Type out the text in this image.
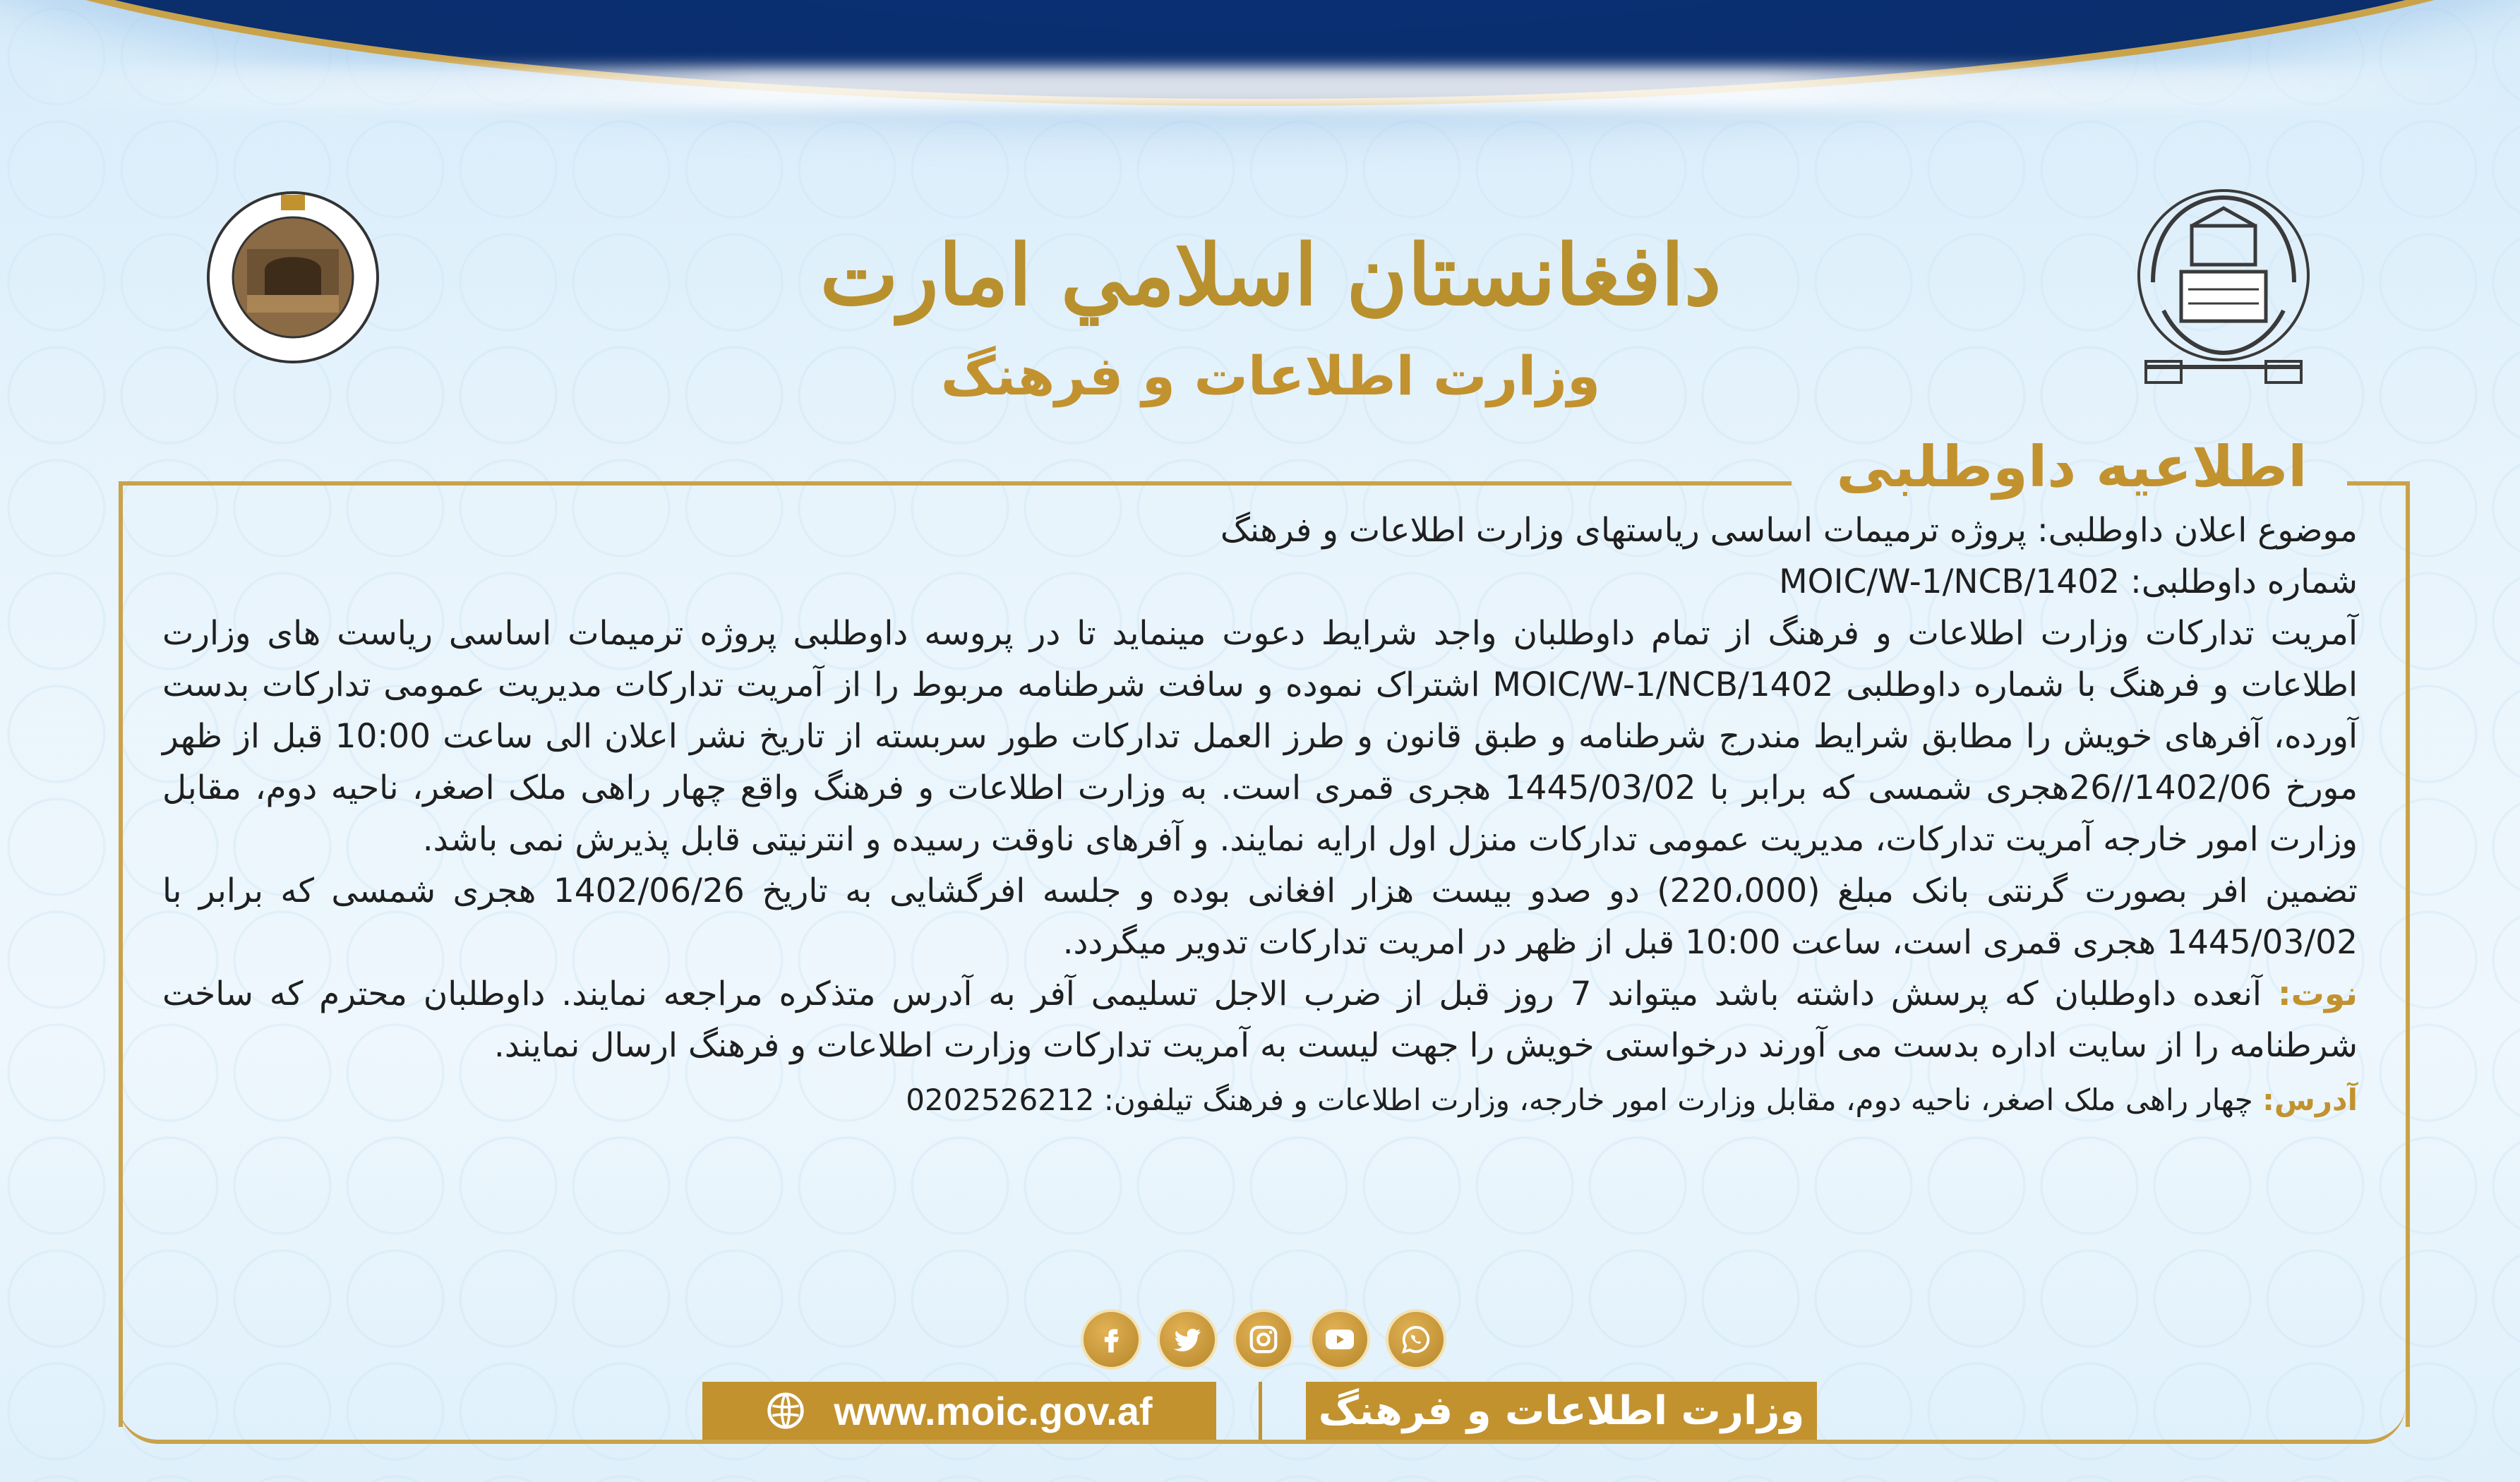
دافغانستان اسلامي امارت
وزارت اطلاعات و فرهنگ
اطلاعیه داوطلبی

موضوع اعلان داوطلبی: پروژه ترمیمات اساسی ریاستهای وزارت اطلاعات و فرهنگ

شماره داوطلبی: MOIC/W-1/NCB/1402

آمریت تدارکات وزارت اطلاعات و فرهنگ از تمام داوطلبان واجد شرایط دعوت مینماید تا در پروسه داوطلبی پروژه ترمیمات اساسی ریاست های وزارت اطلاعات و فرهنگ با شماره داوطلبی MOIC/W-1/NCB/1402 اشتراک نموده و سافت شرطنامه مربوط را از آمریت تدارکات مدیریت عمومی تدارکات بدست آورده، آفرهای خویش را مطابق شرایط مندرج شرطنامه و طبق قانون و طرز العمل تدارکات طور سربسته از تاریخ نشر اعلان الی ساعت 10:00 قبل از ظهر مورخ 1402/06//26هجری شمسی که برابر با 1445/03/02 هجری قمری است. به وزارت اطلاعات و فرهنگ واقع چهار راهی ملک اصغر، ناحیه دوم، مقابل وزارت امور خارجه آمریت تدارکات، مدیریت عمومی تدارکات منزل اول ارایه نمایند. و آفرهای ناوقت رسیده و انترنیتی قابل پذیرش نمی باشد.

تضمین افر بصورت گرنتی بانک مبلغ (220،000) دو صدو بیست هزار افغانی بوده و جلسه افرگشایی به تاریخ 1402/06/26 هجری شمسی که برابر با 1445/03/02 هجری قمری است، ساعت 10:00 قبل از ظهر در امریت تدارکات تدویر میگردد.

نوت: آنعده داوطلبان که پرسش داشته باشد میتواند 7 روز قبل از ضرب الاجل تسلیمی آفر به آدرس متذکره مراجعه نمایند. داوطلبان محترم که ساخت شرطنامه را از سایت اداره بدست می آورند درخواستی خویش را جهت لیست به آمریت تدارکات وزارت اطلاعات و فرهنگ ارسال نمایند.

آدرس: چهار راهی ملک اصغر، ناحیه دوم، مقابل وزارت امور خارجه، وزارت اطلاعات و فرهنگ تیلفون: 0202526212

www.moic.gov.af	وزارت اطلاعات و فرهنگ
